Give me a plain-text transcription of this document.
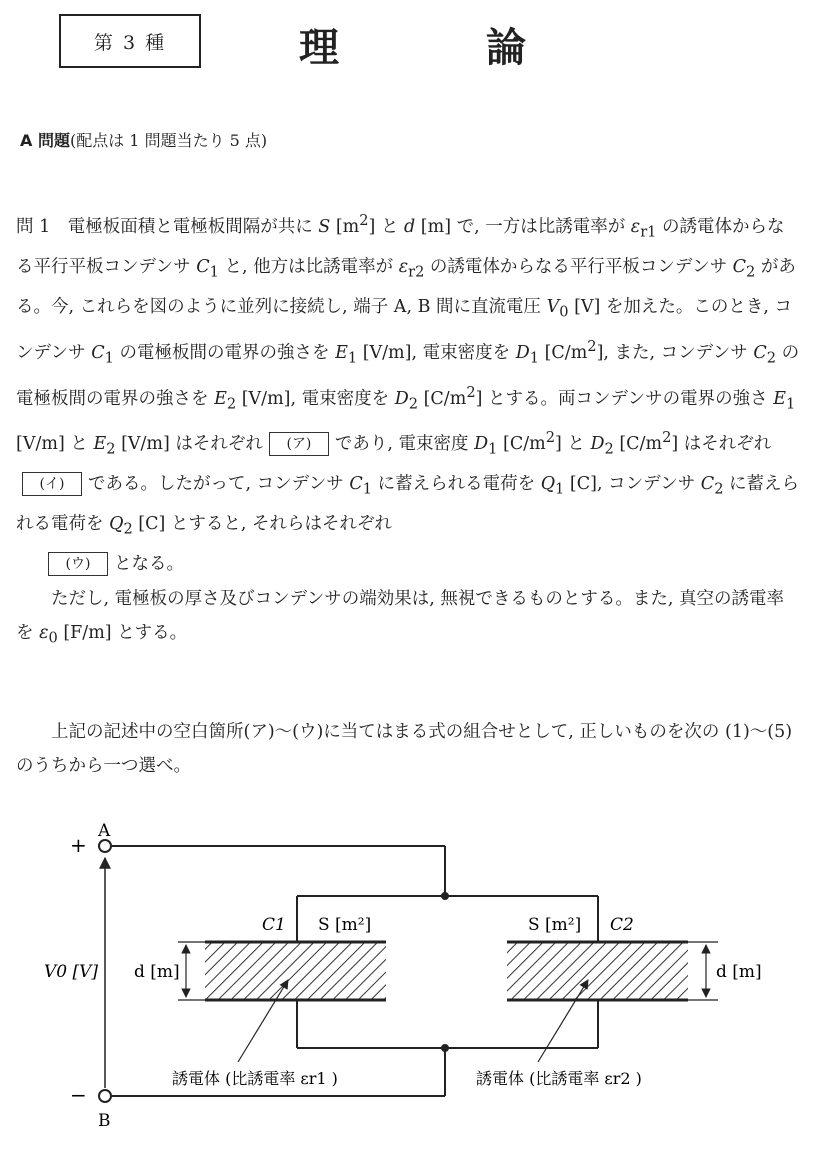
第 3 種	理	論
A 問題(配点は 1 問題当たり 5 点)

問 1　 電極板面積と電極板間隔が共に S $[m^2]$ と d [m] で, 一方は比誘電率が $\varepsilon_{r1}$ の誘電体からなる平行平板コンデンサ $C_1$ と, 他方は比誘電率が $\varepsilon_{r2}$ の誘電体からなる平行平板コンデンサ $C_2$ がある。今, これらを図のように並列に接続し, 端子 A, B 間に直流電圧 $V_0$ [V] を加えた。このとき, コンデンサ $C_1$ の電極板間の電界の強さを $E_1$ [V/m], 電束密度を $D_1$ $[C/m^2]$, また, コンデンサ $C_2$ の電極板間の電界の強さを $E_2$ [V/m], 電束密度を $D_2$ $[C/m^2]$ とする。両コンデンサの電界の強さ $E_1$ [V/m] と $E_2$ [V/m] はそれぞれ (ア) であり, 電束密度 $D_1$ $[C/m^2]$ と $D_2$ $[C/m^2]$ はそれぞれ(イ) である。したがって, コンデンサ $C_1$ に蓄えられる電荷を $Q_1$ [C], コンデンサ $C_2$ に蓄えられる電荷を $Q_2$ [C] とすると, それらはそれぞれ
(ウ) となる。

ただし, 電極板の厚さ及びコンデンサの端効果は, 無視できるものとする。また, 真空の誘電率を $\varepsilon_0$ [F/m] とする。

上記の記述中の空白箇所(ア)～(ウ)に当てはまる式の組合せとして, 正しいものを次の (1)～(5) のうちから一つ選べ。

A
B
+
−
V0 [V]
C1	C2
S [m²]	S [m²]
d [m]	d [m]
誘電体 (比誘電率 εr1 )	誘電体 (比誘電率 εr2 )
